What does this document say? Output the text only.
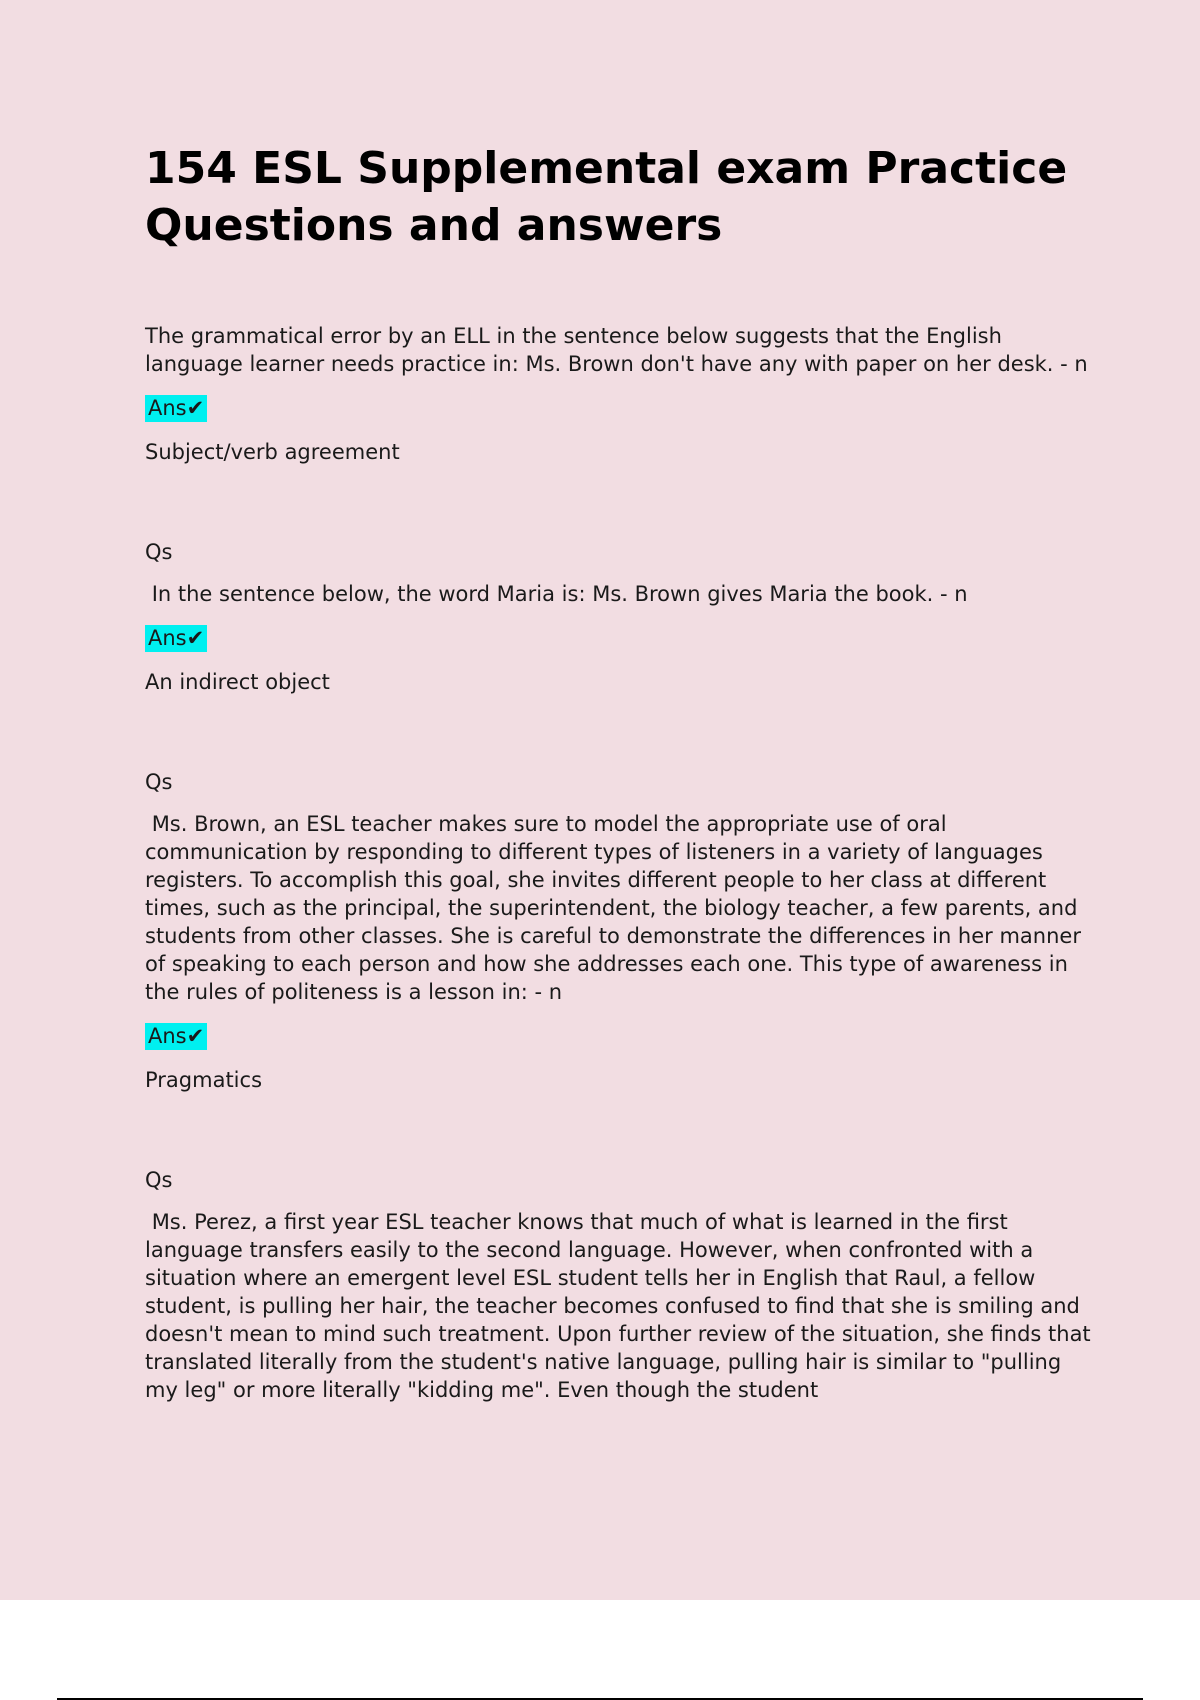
154 ESL Supplemental exam Practice Questions and answers
The grammatical error by an ELL in the sentence below suggests that the English language learner needs practice in: Ms. Brown don't have any with paper on her desk. - n
Ans✔
Subject/verb agreement
Qs
In the sentence below, the word Maria is: Ms. Brown gives Maria the book. - n
Ans✔
An indirect object
Qs
Ms. Brown, an ESL teacher makes sure to model the appropriate use of oral communication by responding to different types of listeners in a variety of languages registers. To accomplish this goal, she invites different people to her class at different times, such as the principal, the superintendent, the biology teacher, a few parents, and students from other classes. She is careful to demonstrate the differences in her manner of speaking to each person and how she addresses each one. This type of awareness in the rules of politeness is a lesson in: - n
Ans✔
Pragmatics
Qs
Ms. Perez, a first year ESL teacher knows that much of what is learned in the first language transfers easily to the second language. However, when confronted with a situation where an emergent level ESL student tells her in English that Raul, a fellow student, is pulling her hair, the teacher becomes confused to find that she is smiling and doesn't mean to mind such treatment. Upon further review of the situation, she finds that translated literally from the student's native language, pulling hair is similar to "pulling my leg" or more literally "kidding me". Even though the student
